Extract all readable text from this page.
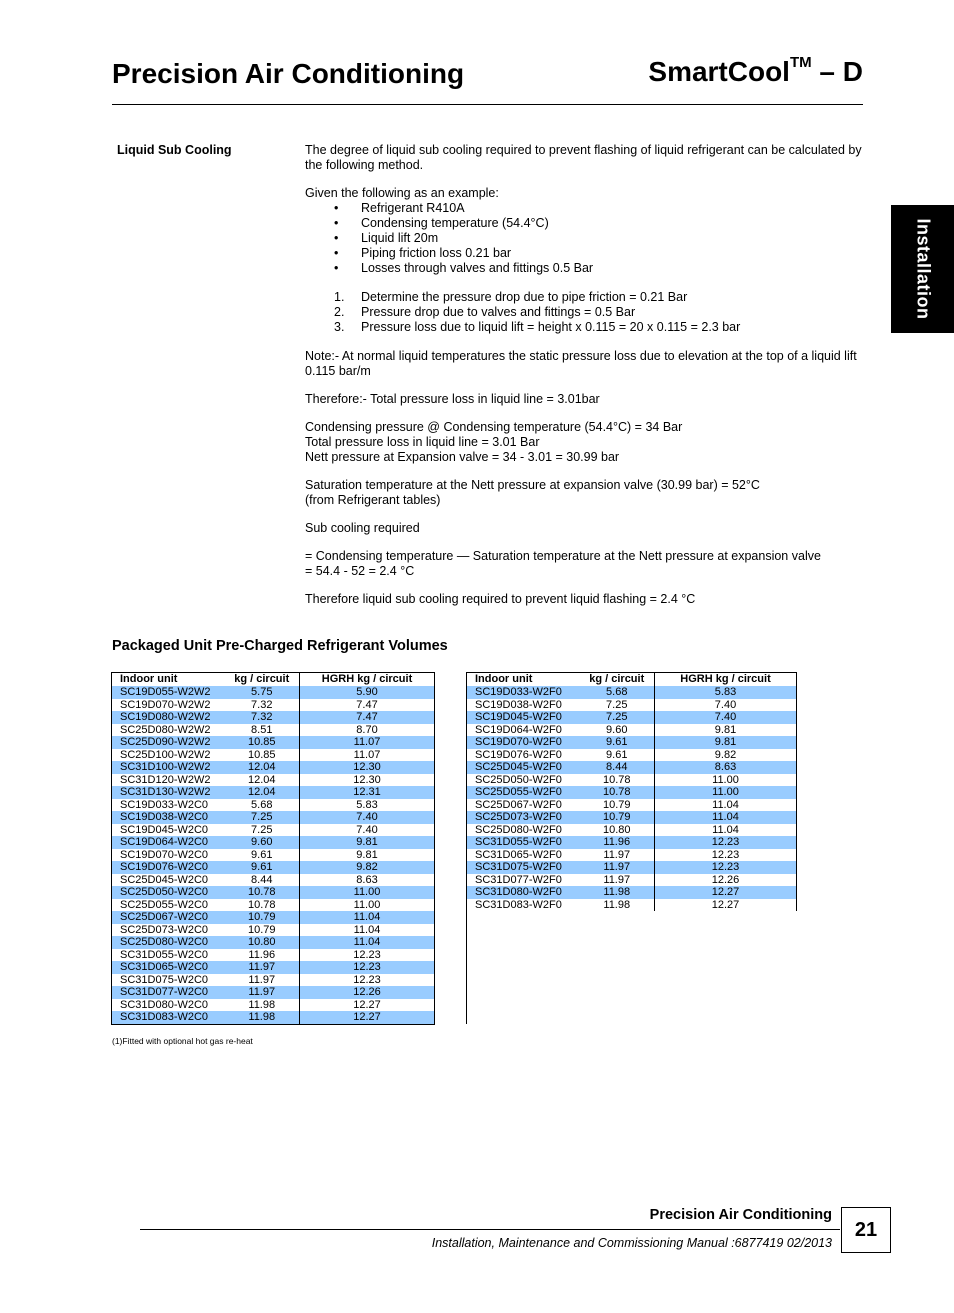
Precision Air Conditioning	SmartCool™ – D
Installation
Liquid Sub Cooling	The degree of liquid sub cooling required to prevent flashing of liquid refrigerant can be calculated by the following method.

Given the following as an example:
• Refrigerant R410A
• Condensing temperature (54.4°C)
• Liquid lift 20m
• Piping friction loss 0.21 bar
• Losses through valves and fittings 0.5 Bar
1. Determine the pressure drop due to pipe friction = 0.21 Bar
2. Pressure drop due to valves and fittings = 0.5 Bar
3. Pressure loss due to liquid lift = height x 0.115 = 20 x 0.115 = 2.3 bar

Note:- At normal liquid temperatures the static pressure loss due to elevation at the top of a liquid lift 0.115 bar/m

Therefore:- Total pressure loss in liquid line = 3.01bar

Condensing pressure @ Condensing temperature (54.4°C) = 34 Bar
Total pressure loss in liquid line = 3.01 Bar

Nett pressure at Expansion valve = 34 - 3.01 = 30.99 bar

Saturation temperature at the Nett pressure at expansion valve (30.99 bar) = 52°C

(from Refrigerant tables)

Sub cooling required

= Condensing temperature — Saturation temperature at the Nett pressure at expansion valve

= 54.4 - 52 = 2.4 °C

Therefore liquid sub cooling required to prevent liquid flashing = 2.4 °C
Packaged Unit Pre-Charged Refrigerant Volumes
Indoor unit	kg / circuit	HGRH kg / circuit
SC19D055-W2W2	5.75	5.90
SC19D070-W2W2	7.32	7.47
SC19D080-W2W2	7.32	7.47
SC25D080-W2W2	8.51	8.70
SC25D090-W2W2	10.85	11.07
SC25D100-W2W2	10.85	11.07
SC31D100-W2W2	12.04	12.30
SC31D120-W2W2	12.04	12.30
SC31D130-W2W2	12.04	12.31
SC19D033-W2C0	5.68	5.83
SC19D038-W2C0	7.25	7.40
SC19D045-W2C0	7.25	7.40
SC19D064-W2C0	9.60	9.81
SC19D070-W2C0	9.61	9.81
SC19D076-W2C0	9.61	9.82
SC25D045-W2C0	8.44	8.63
SC25D050-W2C0	10.78	11.00
SC25D055-W2C0	10.78	11.00
SC25D067-W2C0	10.79	11.04
SC25D073-W2C0	10.79	11.04
SC25D080-W2C0	10.80	11.04
SC31D055-W2C0	11.96	12.23
SC31D065-W2C0	11.97	12.23
SC31D075-W2C0	11.97	12.23
SC31D077-W2C0	11.97	12.26
SC31D080-W2C0	11.98	12.27
SC31D083-W2C0	11.98	12.27
Indoor unit	kg / circuit	HGRH kg / circuit
SC19D033-W2F0	5.68	5.83
SC19D038-W2F0	7.25	7.40
SC19D045-W2F0	7.25	7.40
SC19D064-W2F0	9.60	9.81
SC19D070-W2F0	9.61	9.81
SC19D076-W2F0	9.61	9.82
SC25D045-W2F0	8.44	8.63
SC25D050-W2F0	10.78	11.00
SC25D055-W2F0	10.78	11.00
SC25D067-W2F0	10.79	11.04
SC25D073-W2F0	10.79	11.04
SC25D080-W2F0	10.80	11.04
SC31D055-W2F0	11.96	12.23
SC31D065-W2F0	11.97	12.23
SC31D075-W2F0	11.97	12.23
SC31D077-W2F0	11.97	12.26
SC31D080-W2F0	11.98	12.27
SC31D083-W2F0	11.98	12.27
(1)Fitted with optional hot gas re-heat
Precision Air Conditioning
Installation, Maintenance and Commissioning Manual :6877419 02/2013
21
